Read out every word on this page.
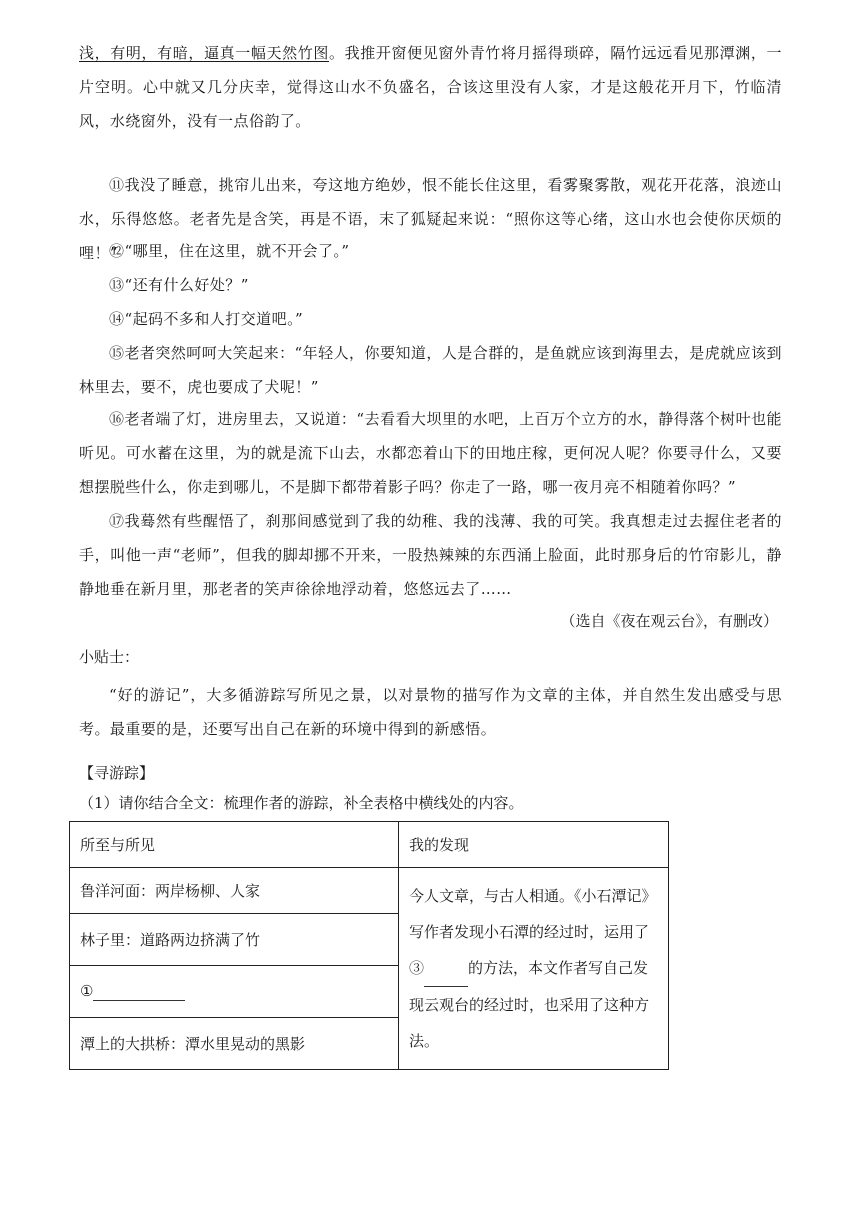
浅，有明，有暗，逼真一幅天然竹图。我推开窗便见窗外青竹将月摇得琐碎，隔竹远远看见那潭渊，一片空明。心中就又几分庆幸，觉得这山水不负盛名，合该这里没有人家，才是这般花开月下，竹临清风，水绕窗外，没有一点俗韵了。

⑪我没了睡意，挑帘儿出来，夸这地方绝妙，恨不能长住这里，看雾聚雾散，观花开花落，浪迹山水，乐得悠悠。老者先是含笑，再是不语，末了狐疑起来说：“照你这等心绪，这山水也会使你厌烦的哩！”

⑫“哪里，住在这里，就不开会了。”

⑬“还有什么好处？”

⑭“起码不多和人打交道吧。”

⑮老者突然呵呵大笑起来：“年轻人，你要知道，人是合群的，是鱼就应该到海里去，是虎就应该到林里去，要不，虎也要成了犬呢！”

⑯老者端了灯，进房里去，又说道：“去看看大坝里的水吧，上百万个立方的水，静得落个树叶也能听见。可水蓄在这里，为的就是流下山去，水都恋着山下的田地庄稼，更何况人呢？你要寻什么，又要想摆脱些什么，你走到哪儿，不是脚下都带着影子吗？你走了一路，哪一夜月亮不相随着你吗？”

⑰我蓦然有些醒悟了，刹那间感觉到了我的幼稚、我的浅薄、我的可笑。我真想走过去握住老者的手，叫他一声“老师”，但我的脚却挪不开来，一股热辣辣的东西涌上脸面，此时那身后的竹帘影儿，静静地垂在新月里，那老者的笑声徐徐地浮动着，悠悠远去了……

（选自《夜在观云台》，有删改）
小贴士：

“好的游记”，大多循游踪写所见之景，以对景物的描写作为文章的主体，并自然生发出感受与思考。最重要的是，还要写出自己在新的环境中得到的新感悟。

【寻游踪】
（1）请你结合全文：梳理作者的游踪，补全表格中横线处的内容。
所至与所见	我的发现
鲁洋河面：两岸杨柳、人家	今人文章，与古人相通。《小石潭记》写作者发现小石潭的经过时，运用了③ 的方法，本文作者写自己发现云观台的经过时，也采用了这种方法。
林子里：道路两边挤满了竹	
①	
潭上的大拱桥：潭水里晃动的黑影	
